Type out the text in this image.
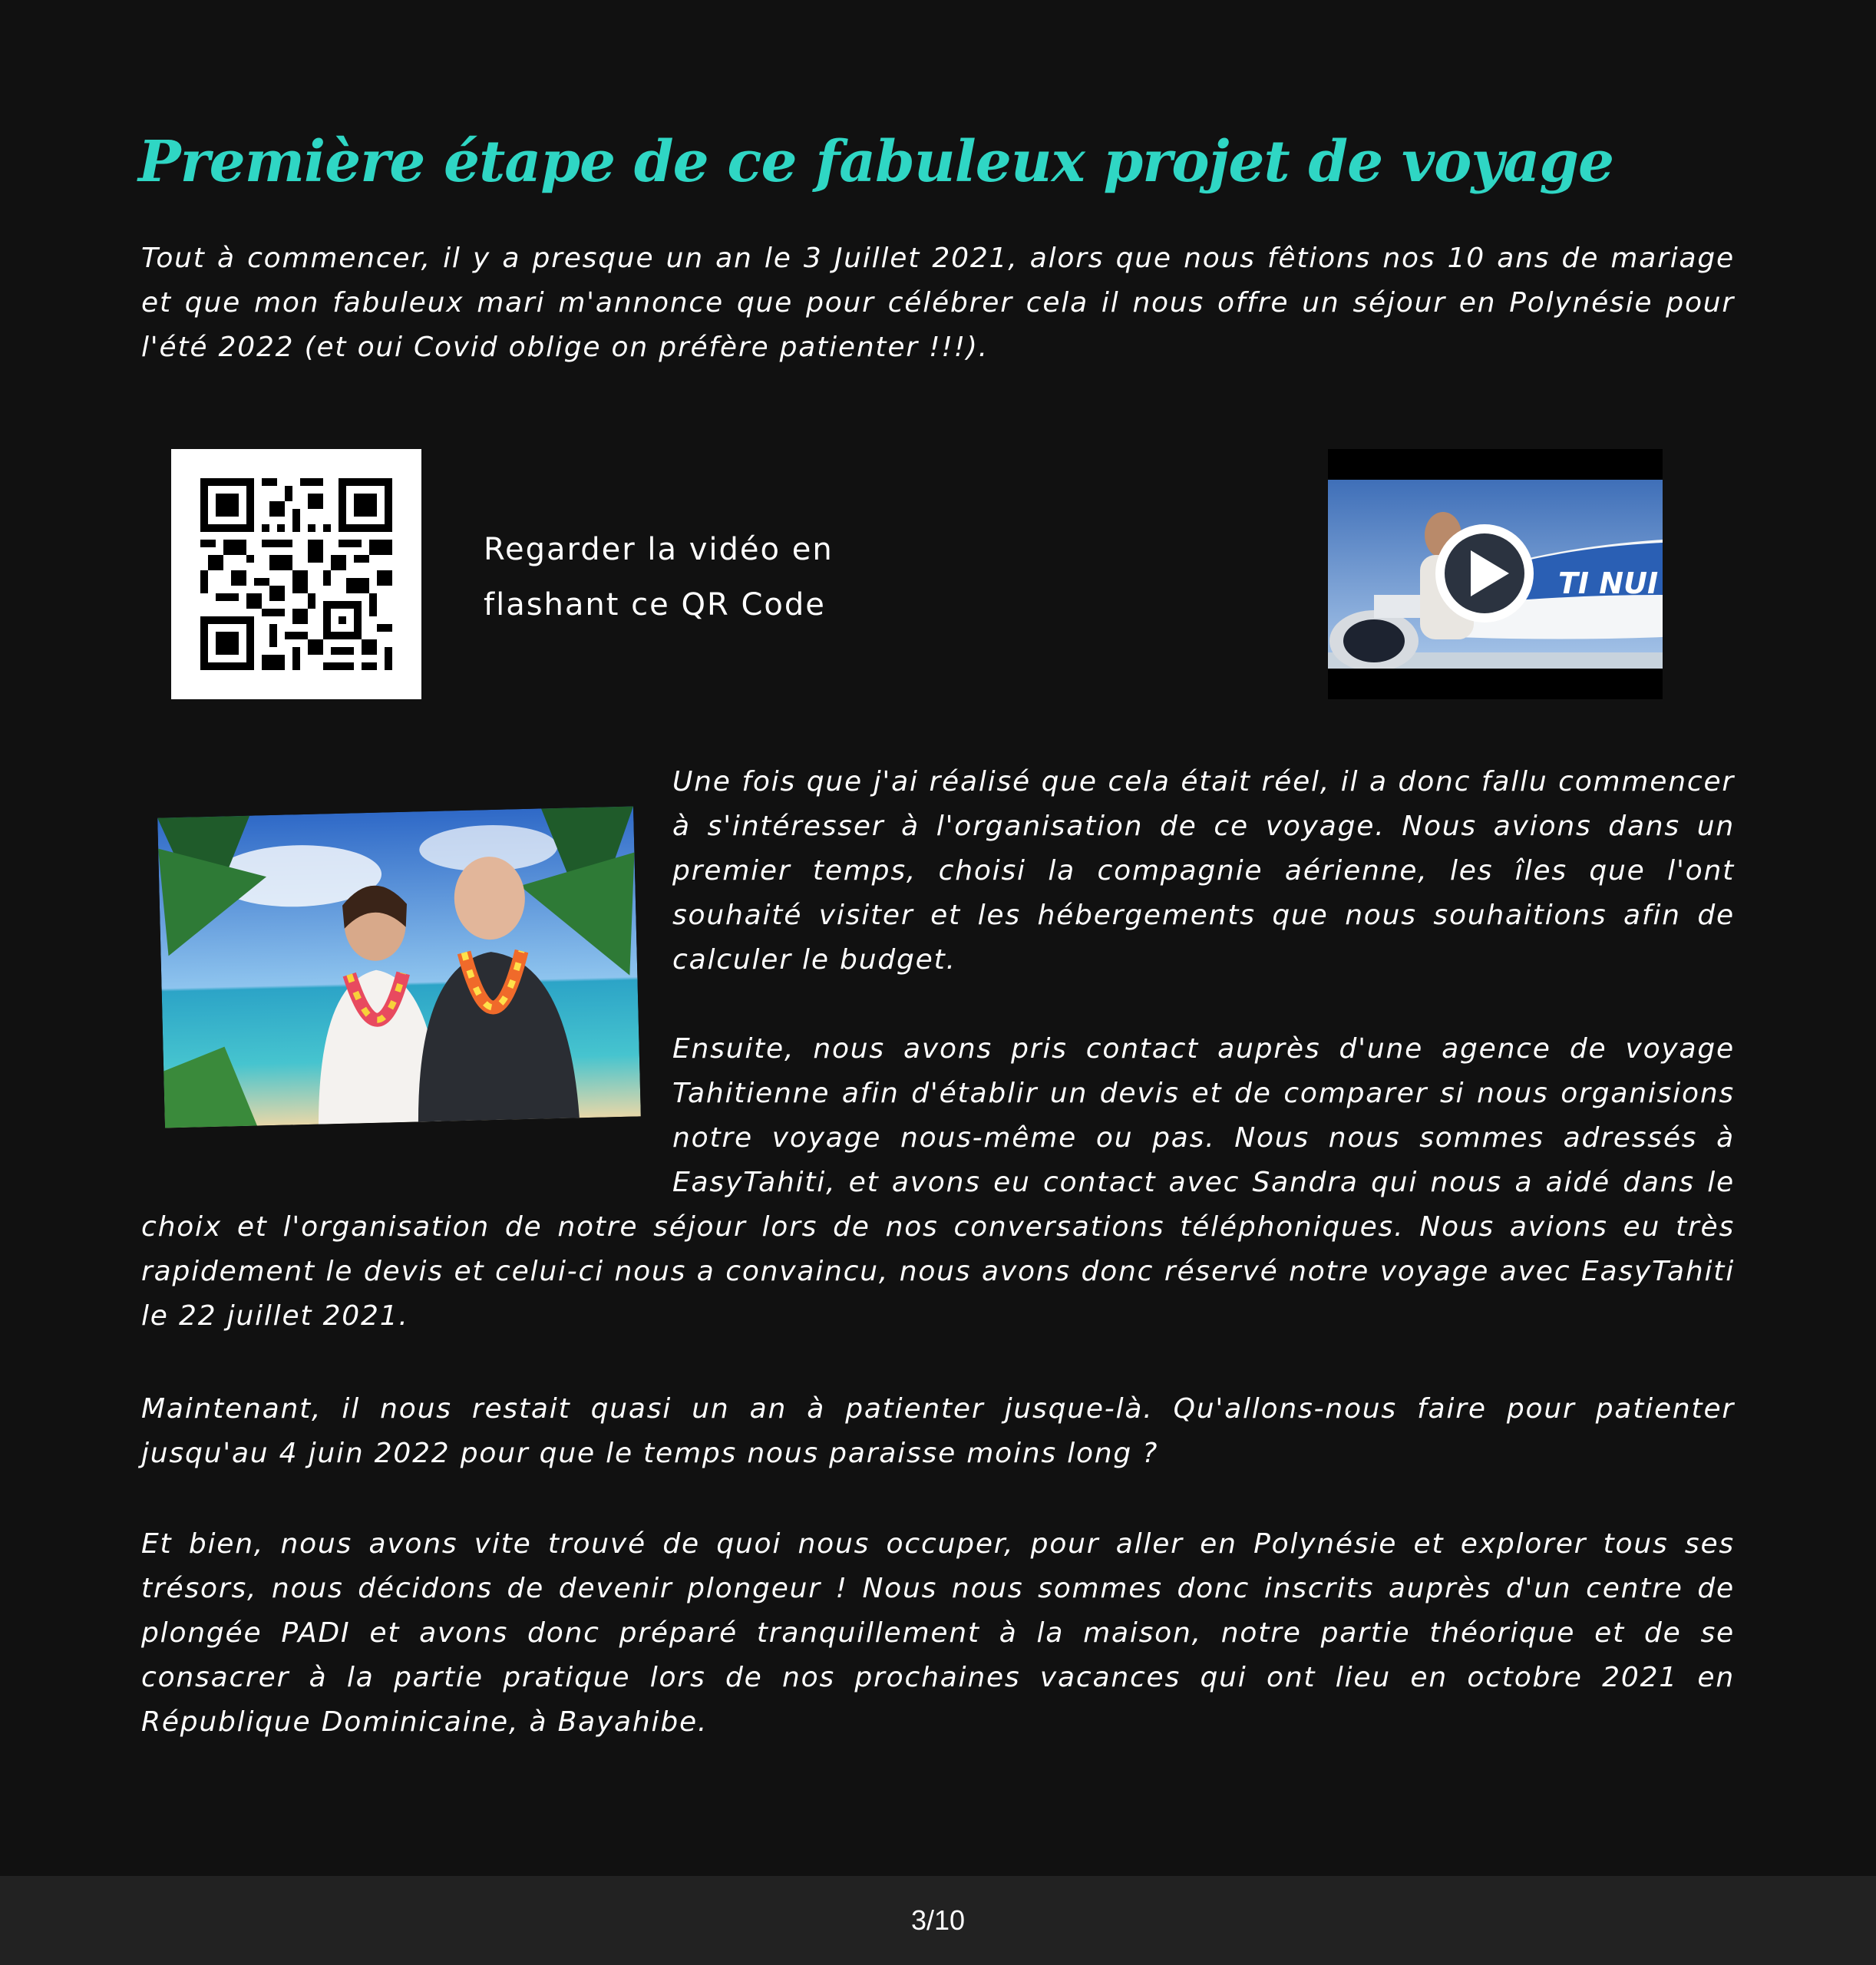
Première étape de ce fabuleux projet de voyage

Tout à commencer, il y a presque un an le 3 Juillet 2021, alors que nous fêtions nos 10 ans de mariage et que mon fabuleux mari m'annonce que pour célébrer cela il nous offre un séjour en Polynésie pour l'été 2022 (et oui Covid oblige on préfère patienter !!!).

Regarder la vidéo en
flashant ce QR Code

TI NUI

Une fois que j'ai réalisé que cela était réel, il a donc fallu commencer à s'intéresser à l'organisation de ce voyage. Nous avions dans un premier temps, choisi la compagnie aérienne, les îles que l'ont souhaité visiter et les hébergements que nous souhaitions afin de calculer le budget.

Ensuite, nous avons pris contact auprès d'une agence de voyage Tahitienne afin d'établir un devis et de comparer si nous organisions notre voyage nous-même ou pas. Nous nous sommes adressés à EasyTahiti, et avons eu contact avec Sandra qui nous a aidé dans le choix et l'organisation de notre séjour lors de nos conversations téléphoniques. Nous avions eu très rapidement le devis et celui-ci nous a convaincu, nous avons donc réservé notre voyage avec EasyTahiti le 22 juillet 2021.

Maintenant, il nous restait quasi un an à patienter jusque-là. Qu'allons-nous faire pour patienter jusqu'au 4 juin 2022 pour que le temps nous paraisse moins long ?

Et bien, nous avons vite trouvé de quoi nous occuper, pour aller en Polynésie et explorer tous ses trésors, nous décidons de devenir plongeur ! Nous nous sommes donc inscrits auprès d'un centre de plongée PADI et avons donc préparé tranquillement à la maison, notre partie théorique et de se consacrer à la partie pratique lors de nos prochaines vacances qui ont lieu en octobre 2021 en République Dominicaine, à Bayahibe.

3/10
